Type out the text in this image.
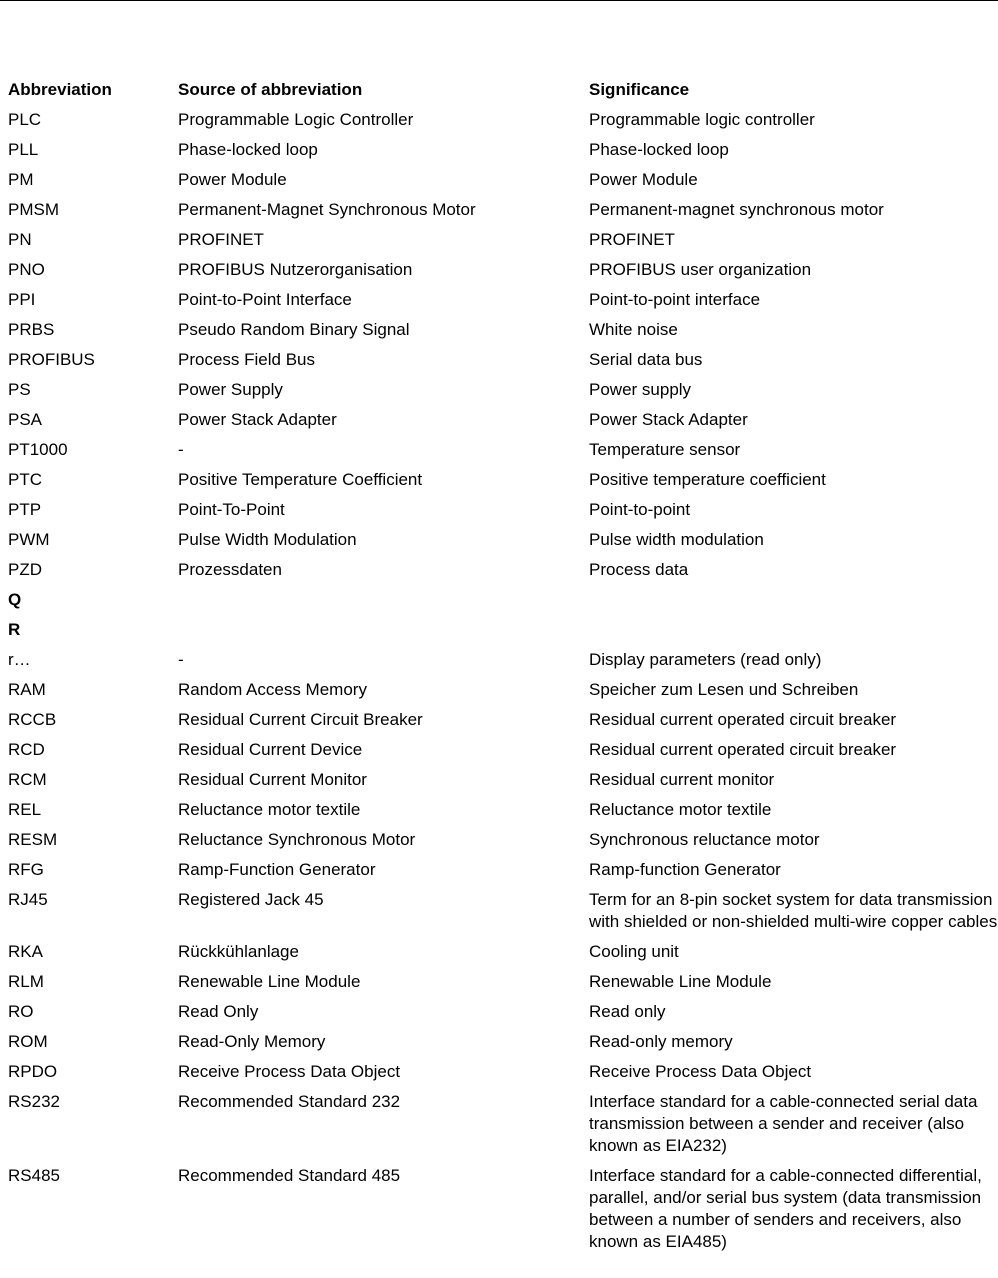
Abbreviation	Source of abbreviation	Significance
PLC	Programmable Logic Controller	Programmable logic controller
PLL	Phase-locked loop	Phase-locked loop
PM	Power Module	Power Module
PMSM	Permanent-Magnet Synchronous Motor	Permanent-magnet synchronous motor
PN	PROFINET	PROFINET
PNO	PROFIBUS Nutzerorganisation	PROFIBUS user organization
PPI	Point-to-Point Interface	Point-to-point interface
PRBS	Pseudo Random Binary Signal	White noise
PROFIBUS	Process Field Bus	Serial data bus
PS	Power Supply	Power supply
PSA	Power Stack Adapter	Power Stack Adapter
PT1000	-	Temperature sensor
PTC	Positive Temperature Coefficient	Positive temperature coefficient
PTP	Point-To-Point	Point-to-point
PWM	Pulse Width Modulation	Pulse width modulation
PZD	Prozessdaten	Process data
Q		
R		
r…	-	Display parameters (read only)
RAM	Random Access Memory	Speicher zum Lesen und Schreiben
RCCB	Residual Current Circuit Breaker	Residual current operated circuit breaker
RCD	Residual Current Device	Residual current operated circuit breaker
RCM	Residual Current Monitor	Residual current monitor
REL	Reluctance motor textile	Reluctance motor textile
RESM	Reluctance Synchronous Motor	Synchronous reluctance motor
RFG	Ramp-Function Generator	Ramp-function Generator
RJ45	Registered Jack 45	Term for an 8-pin socket system for data transmission with shielded or non-shielded multi-wire copper cables
RKA	Rückkühlanlage	Cooling unit
RLM	Renewable Line Module	Renewable Line Module
RO	Read Only	Read only
ROM	Read-Only Memory	Read-only memory
RPDO	Receive Process Data Object	Receive Process Data Object
RS232	Recommended Standard 232	Interface standard for a cable-connected serial data transmission between a sender and receiver (also known as EIA232)
RS485	Recommended Standard 485	Interface standard for a cable-connected differential, parallel, and/or serial bus system (data transmission between a number of senders and receivers, also known as EIA485)
